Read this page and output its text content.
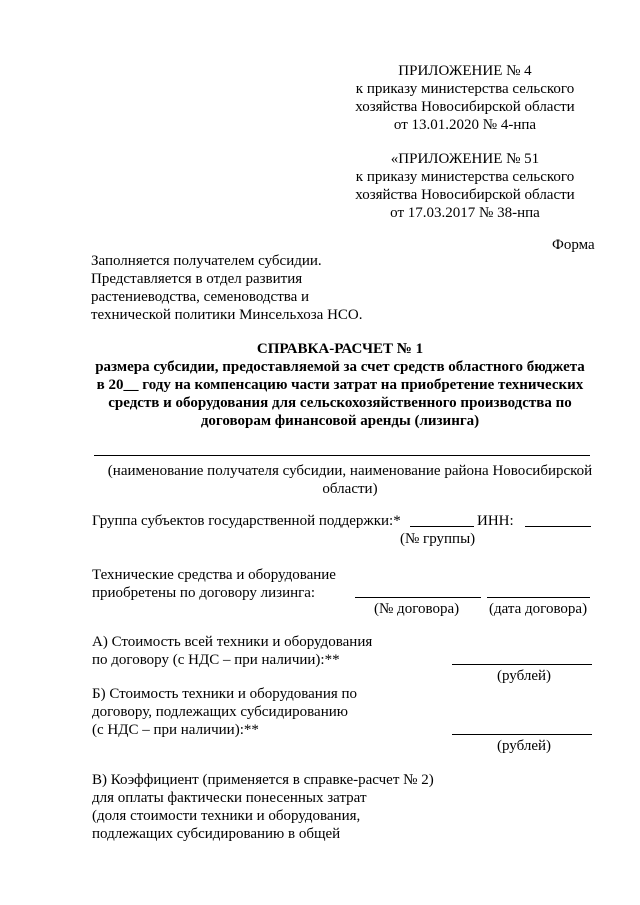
ПРИЛОЖЕНИЕ № 4
к приказу министерства сельского
хозяйства Новосибирской области
от 13.01.2020 № 4-нпа
«ПРИЛОЖЕНИЕ № 51
к приказу министерства сельского
хозяйства Новосибирской области
от 17.03.2017 № 38-нпа
Форма
Заполняется получателем субсидии.
Представляется в отдел развития
растениеводства, семеноводства и
технической политики Минсельхоза НСО.
СПРАВКА-РАСЧЕТ № 1
размера субсидии, предоставляемой за счет средств областного бюджета
в 20__ году на компенсацию части затрат на приобретение технических
средств и оборудования для сельскохозяйственного производства по
договорам финансовой аренды (лизинга)
(наименование получателя субсидии, наименование района Новосибирской
области)
Группа субъектов государственной поддержки:*	ИНН:
(№ группы)
Технические средства и оборудование
приобретены по договору лизинга:
(№ договора) (дата договора)
А) Стоимость всей техники и оборудования
по договору (с НДС – при наличии):**
(рублей)
Б) Стоимость техники и оборудования по
договору, подлежащих субсидированию
(с НДС – при наличии):**
(рублей)
В) Коэффициент (применяется в справке-расчет № 2)
для оплаты фактически понесенных затрат
(доля стоимости техники и оборудования,
подлежащих субсидированию в общей
